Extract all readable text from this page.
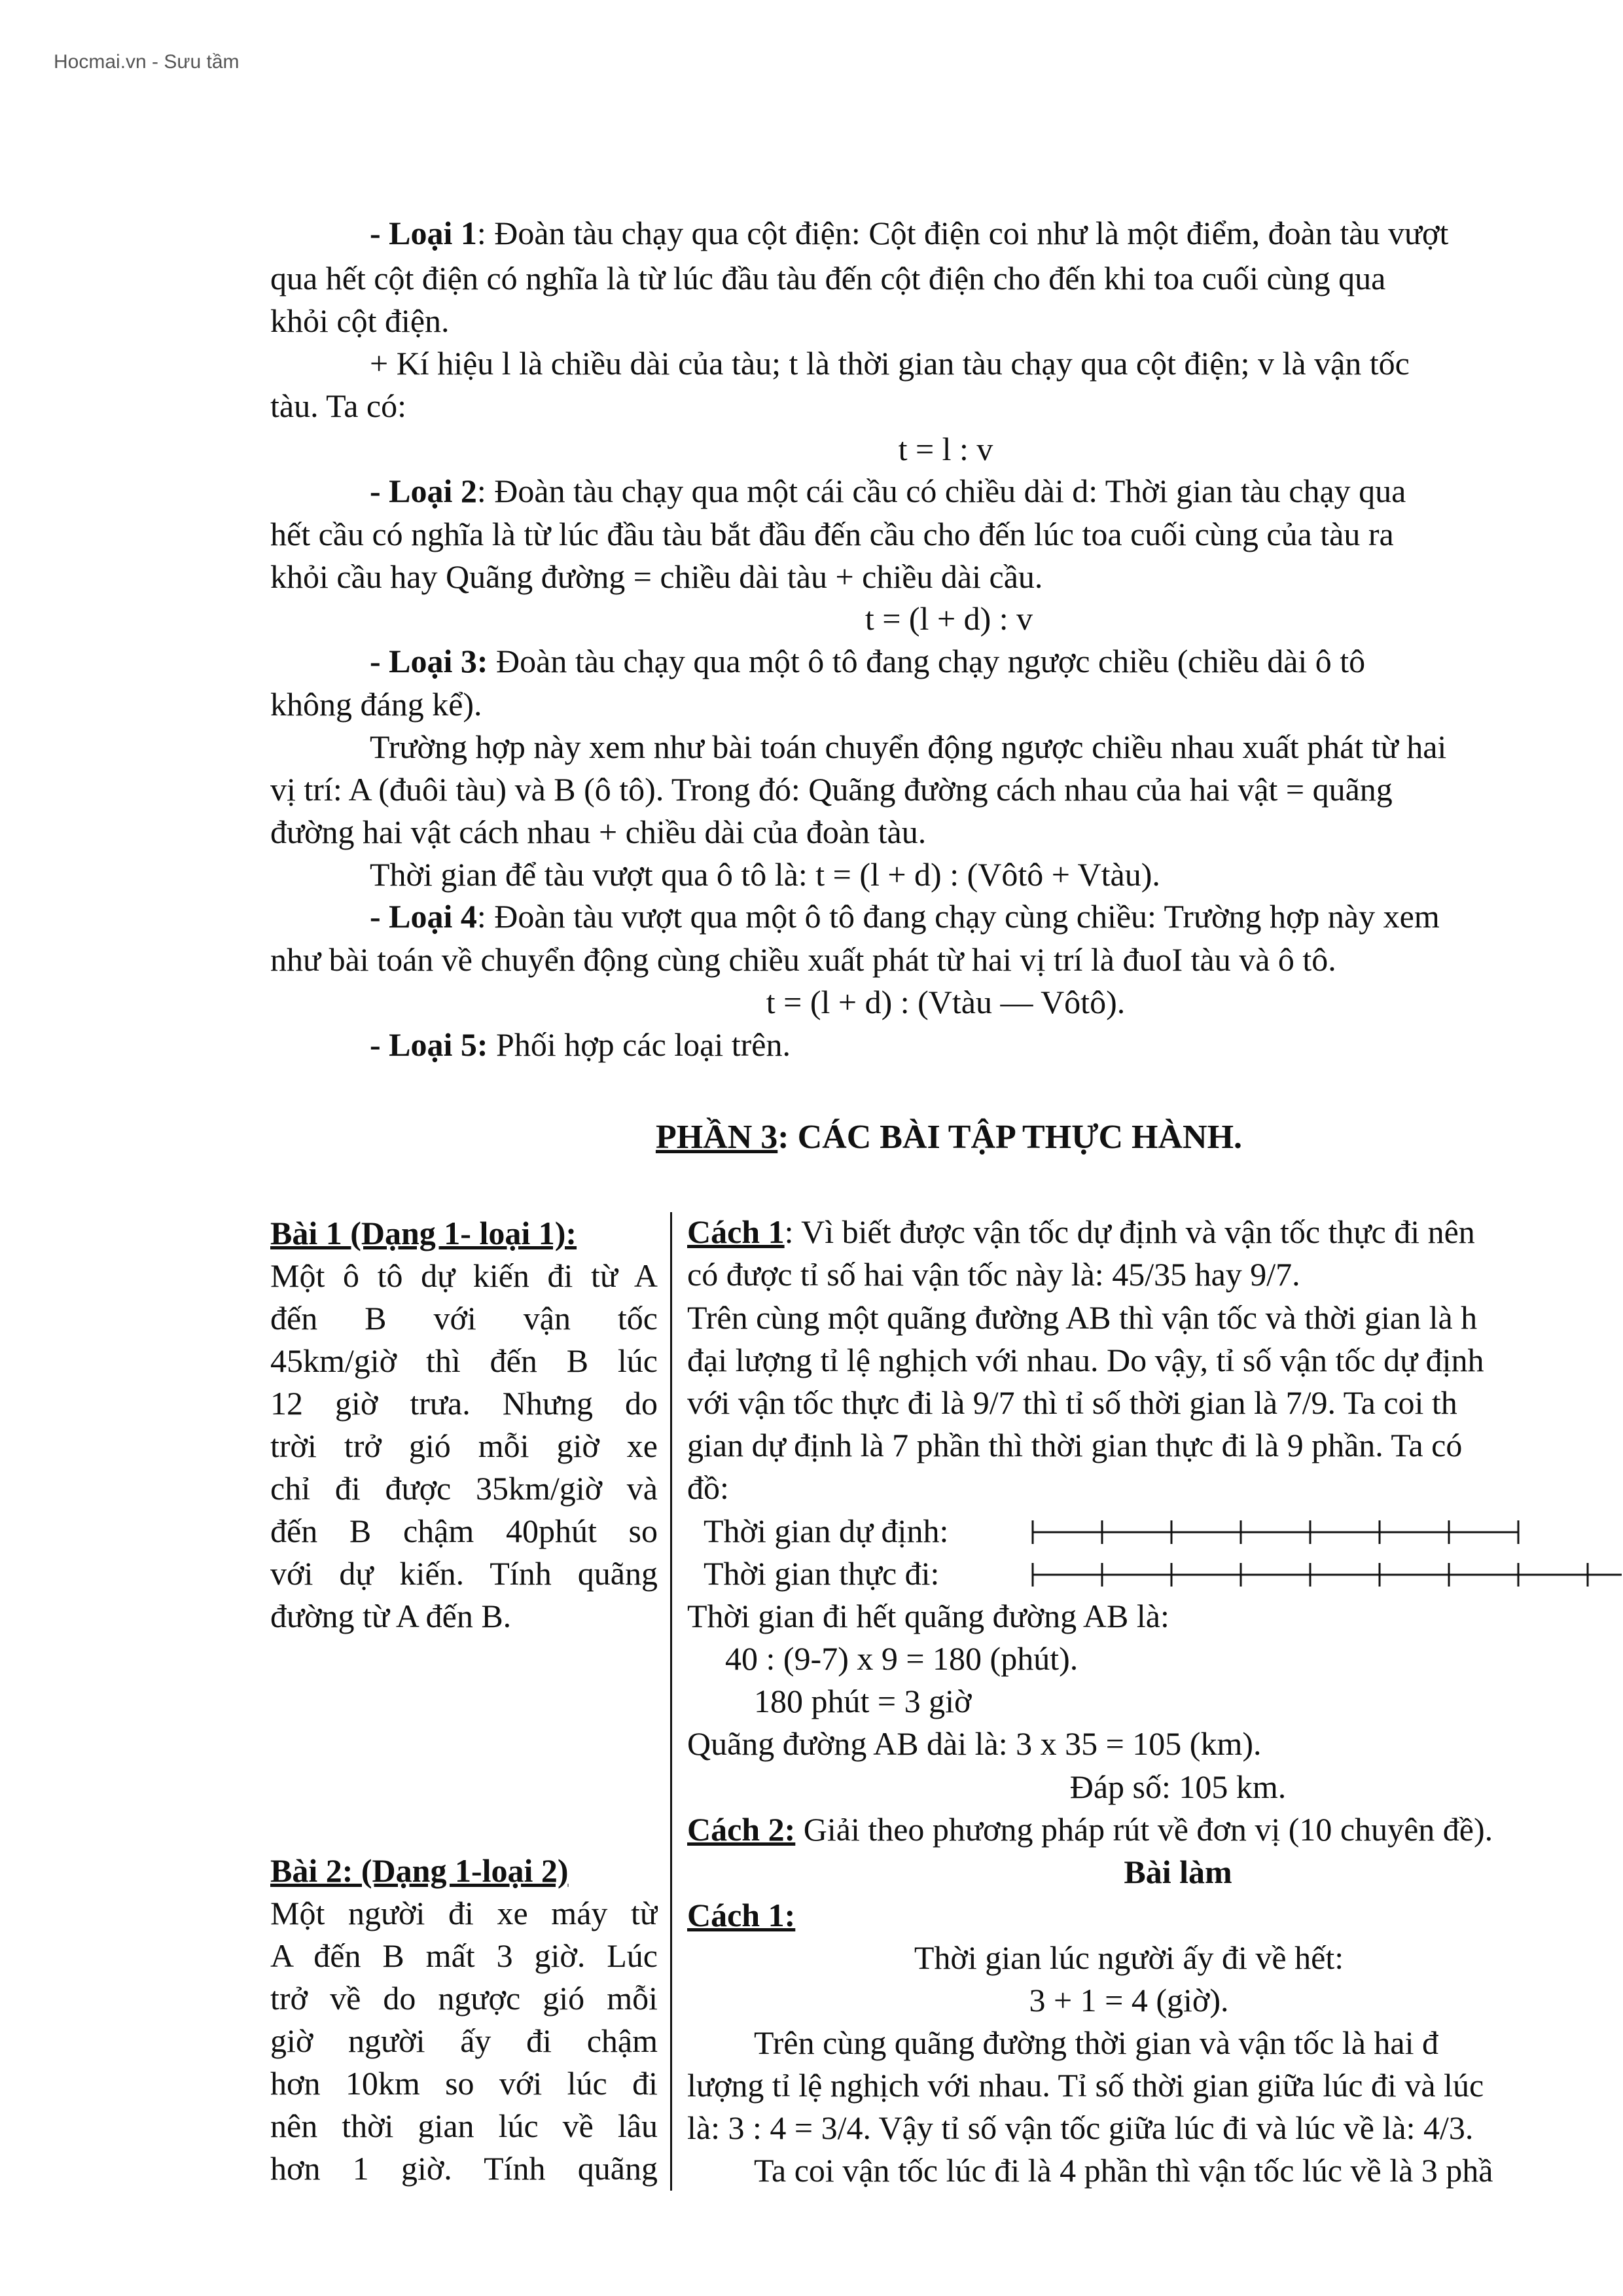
Hocmai.vn - Sưu tầm
- Loại 1: Đoàn tàu chạy qua cột điện: Cột điện coi như là một điểm, đoàn tàu vượt
qua hết cột điện có nghĩa là từ lúc đầu tàu đến cột điện cho đến khi toa cuối cùng qua
khỏi cột điện.
+ Kí hiệu l là chiều dài của tàu; t là thời gian tàu chạy qua cột điện; v là vận tốc
tàu. Ta có:
t = l : v
- Loại 2: Đoàn tàu chạy qua một cái cầu có chiều dài d: Thời gian tàu chạy qua
hết cầu có nghĩa là từ lúc đầu tàu bắt đầu đến cầu cho đến lúc toa cuối cùng của tàu ra
khỏi cầu hay Quãng đường = chiều dài tàu + chiều dài cầu.
t = (l + d) : v
- Loại 3: Đoàn tàu chạy qua một ô tô đang chạy ngược chiều (chiều dài ô tô
không đáng kể).
Trường hợp này xem như bài toán chuyển động ngược chiều nhau xuất phát từ hai
vị trí: A (đuôi tàu) và B (ô tô). Trong đó: Quãng đường cách nhau của hai vật = quãng
đường hai vật cách nhau + chiều dài của đoàn tàu.
Thời gian để tàu vượt qua ô tô là: t = (l + d) : (Vôtô + Vtàu).
- Loại 4: Đoàn tàu vượt qua một ô tô đang chạy cùng chiều: Trường hợp này xem
như bài toán về chuyển động cùng chiều xuất phát từ hai vị trí là đuoI tàu và ô tô.
t = (l + d) : (Vtàu — Vôtô).
- Loại 5: Phối hợp các loại trên.
PHẦN 3: CÁC BÀI TẬP THỰC HÀNH.
Bài 1 (Dạng 1- loại 1):
Một ô tô dự kiến đi từ A
đến B với vận tốc
45km/giờ thì đến B lúc
12 giờ trưa. Nhưng do
trời trở gió mỗi giờ xe
chỉ đi được 35km/giờ và
đến B chậm 40phút so
với dự kiến. Tính quãng
đường từ A đến B.
Bài 2: (Dạng 1-loại 2)
Một người đi xe máy từ
A đến B mất 3 giờ. Lúc
trở về do ngược gió mỗi
giờ người ấy đi chậm
hơn 10km so với lúc đi
nên thời gian lúc về lâu
hơn 1 giờ. Tính quãng
Cách 1: Vì biết được vận tốc dự định và vận tốc thực đi nên
có được tỉ số hai vận tốc này là: 45/35 hay 9/7.
Trên cùng một quãng đường AB thì vận tốc và thời gian là h
đại lượng tỉ lệ nghịch với nhau. Do vậy, tỉ số vận tốc dự định
với vận tốc thực đi là 9/7 thì tỉ số thời gian là 7/9. Ta coi th
gian dự định là 7 phần thì thời gian thực đi là 9 phần. Ta có
đồ:
Thời gian dự định:
Thời gian thực đi:
Thời gian đi hết quãng đường AB là:
40 : (9-7) x 9 = 180 (phút).
180 phút = 3 giờ
Quãng đường AB dài là: 3 x 35 = 105 (km).
Đáp số: 105 km.
Cách 2: Giải theo phương pháp rút về đơn vị (10 chuyên đề).
Bài làm
Cách 1:
Thời gian lúc người ấy đi về hết:
3 + 1 = 4 (giờ).
Trên cùng quãng đường thời gian và vận tốc là hai đ
lượng tỉ lệ nghịch với nhau. Tỉ số thời gian giữa lúc đi và lúc
là: 3 : 4 = 3/4. Vậy tỉ số vận tốc giữa lúc đi và lúc về là: 4/3.
Ta coi vận tốc lúc đi là 4 phần thì vận tốc lúc về là 3 phầ
